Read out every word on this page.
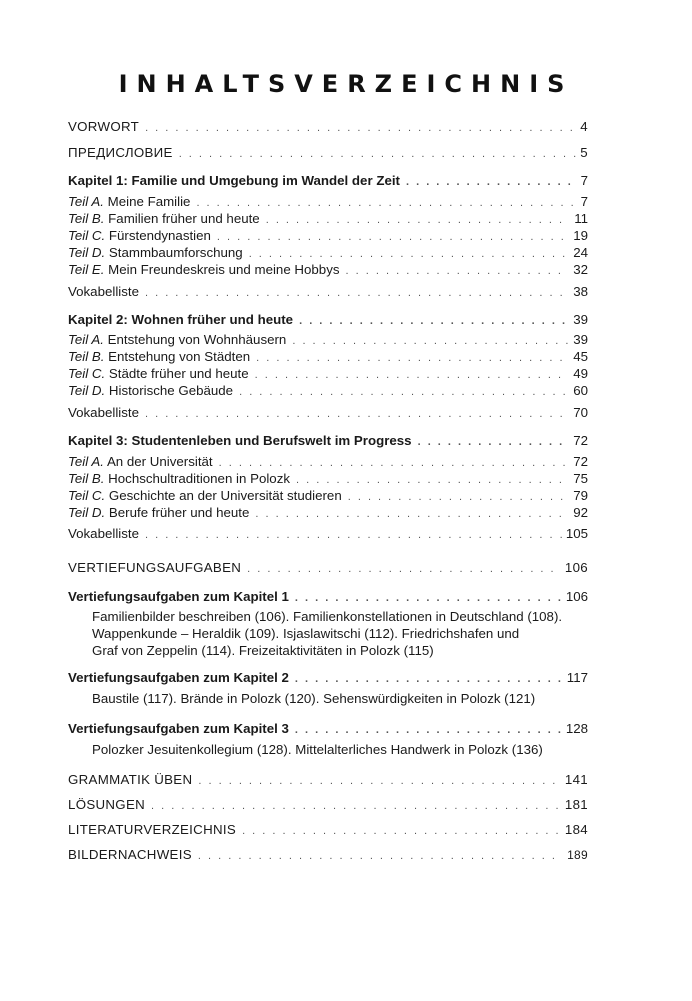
INHALTSVERZEICHNIS
VORWORT . . .	4
ПРЕДИСЛОВИЕ . . .	5
Kapitel 1: Familie und Umgebung im Wandel der Zeit . . .	7
Teil A. Meine Familie . . .	7
Teil B. Familien früher und heute . . .	11
Teil C. Fürstendynastien . . .	19
Teil D. Stammbaumforschung . . .	24
Teil E. Mein Freundeskreis und meine Hobbys . . .	32
Vokabelliste . . .	38
Kapitel 2: Wohnen früher und heute . . .	39
Teil A. Entstehung von Wohnhäusern . . .	39
Teil B. Entstehung von Städten . . .	45
Teil C. Städte früher und heute . . .	49
Teil D. Historische Gebäude . . .	60
Vokabelliste . . .	70
Kapitel 3: Studentenleben und Berufswelt im Progress . . .	72
Teil A. An der Universität . . .	72
Teil B. Hochschultraditionen in Polozk . . .	75
Teil C. Geschichte an der Universität studieren . . .	79
Teil D. Berufe früher und heute . . .	92
Vokabelliste . . .	105
VERTIEFUNGSAUFGABEN . . .	106
Vertiefungsaufgaben zum Kapitel 1 . . .	106
Familienbilder beschreiben (106). Familienkonstellationen in Deutschland (108).
Wappenkunde – Heraldik (109). Isjaslawitschi (112). Friedrichshafen und
Graf von Zeppelin (114). Freizeitaktivitäten in Polozk (115)
Vertiefungsaufgaben zum Kapitel 2 . . .	117
Baustile (117). Brände in Polozk (120). Sehenswürdigkeiten in Polozk (121)
Vertiefungsaufgaben zum Kapitel 3 . . .	128
Polozker Jesuitenkollegium (128). Mittelalterliches Handwerk in Polozk (136)
GRAMMATIK ÜBEN . . .	141
LÖSUNGEN . . .	181
LITERATURVERZEICHNIS . . .	184
BILDERNACHWEIS . . .	189
